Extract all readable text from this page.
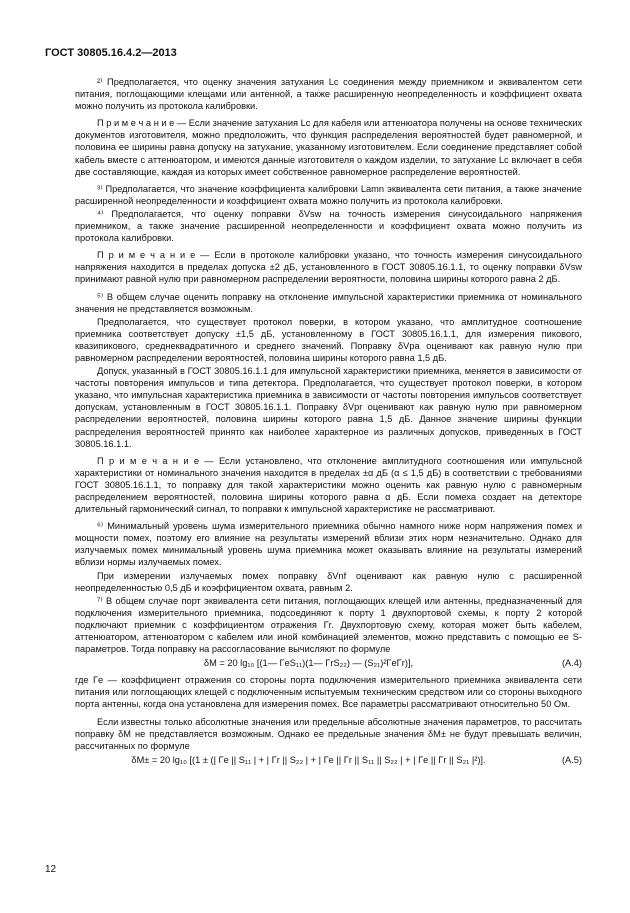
ГОСТ 30805.16.4.2—2013

²⁾ Предполагается, что оценку значения затухания Lc соединения между приемником и эквивалентом сети питания, поглощающими клещами или антенной, а также расширенную неопределенность и коэффициент охвата можно получить из протокола калибровки.

П р и м е ч а н и е — Если значение затухания Lc для кабеля или аттенюатора получены на основе технических документов изготовителя, можно предположить, что функция распределения вероятностей будет равномерной, и половина ее ширины равна допуску на затухание, указанному изготовителем. Если соединение представляет собой кабель вместе с аттенюатором, и имеются данные изготовителя о каждом изделии, то затухание Lc включает в себя две составляющие, каждая из которых имеет собственное равномерное распределение вероятностей.

³⁾ Предполагается, что значение коэффициента калибровки Lamn эквивалента сети питания, а также значение расширенной неопределенности и коэффициент охвата можно получить из протокола калибровки.

⁴⁾ Предполагается, что оценку поправки δVsw на точность измерения синусоидального напряжения приемником, а также значение расширенной неопределенности и коэффициент охвата можно получить из протокола калибровки.

П р и м е ч а н и е — Если в протоколе калибровки указано, что точность измерения синусоидального напряжения находится в пределах допуска ±2 дБ, установленного в ГОСТ 30805.16.1.1, то оценку поправки δVsw принимают равной нулю при равномерном распределении вероятности, половина ширины которого равна 2 дБ.

⁵⁾ В общем случае оценить поправку на отклонение импульсной характеристики приемника от номинального значения не представляется возможным.

Предполагается, что существует протокол поверки, в котором указано, что амплитудное соотношение приемника соответствует допуску ±1,5 дБ, установленному в ГОСТ 30805.16.1.1, для измерения пикового, квазипикового, среднеквадратичного и среднего значений. Поправку δVpa оценивают как равную нулю при равномерном распределении вероятностей, половина ширины которого равна 1,5 дБ.

Допуск, указанный в ГОСТ 30805.16.1.1 для импульсной характеристики приемника, меняется в зависимости от частоты повторения импульсов и типа детектора. Предполагается, что существует протокол поверки, в котором указано, что импульсная характеристика приемника в зависимости от частоты повторения импульсов соответствует допускам, установленным в ГОСТ 30805.16.1.1. Поправку δVpr оценивают как равную нулю при равномерном распределении вероятностей, половина ширины которого равна 1,5 дБ. Данное значение ширины функции распределения вероятностей принято как наиболее характерное из различных допусков, приведенных в ГОСТ 30805.16.1.1.

П р и м е ч а н и е — Если установлено, что отклонение амплитудного соотношения или импульсной характеристики от номинального значения находится в пределах ±α дБ (α ≤ 1,5 дБ) в соответствии с требованиями ГОСТ 30805.16.1.1, то поправку для такой характеристики можно оценить как равную нулю с равномерным распределением вероятностей, половина ширины которого равна α дБ. Если помеха создает на детекторе длительный гармонический сигнал, то поправки к импульсной характеристике не рассматривают.

⁶⁾ Минимальный уровень шума измерительного приемника обычно намного ниже норм напряжения помех и мощности помех, поэтому его влияние на результаты измерений вблизи этих норм незначительно. Однако для излучаемых помех минимальный уровень шума приемника может оказывать влияние на результаты измерений вблизи нормы излучаемых помех.

При измерении излучаемых помех поправку δVnf оценивают как равную нулю с расширенной неопределенностью 0,5 дБ и коэффициентом охвата, равным 2.

⁷⁾ В общем случае порт эквивалента сети питания, поглощающих клещей или антенны, предназначенный для подключения измерительного приемника, подсоединяют к порту 1 двухпортовой схемы, к порту 2 которой подключают приемник с коэффициентом отражения Γr. Двухпортовую схему, которая может быть кабелем, аттенюатором, аттенюатором с кабелем или иной комбинацией элементов, можно представить с помощью ее S-параметров. Тогда поправку на рассогласование вычисляют по формуле

δM = 20 lg₁₀ [(1— ΓeS₁₁)(1— ΓrS₂₂) — (S₂₁)²ΓeΓr)],	(A.4)

где Γe — коэффициент отражения со стороны порта подключения измерительного приемника эквивалента сети питания или поглощающих клещей с подключенным испытуемым техническим средством или со стороны выходного порта антенны, когда она установлена для измерения помех. Все параметры рассматривают относительно 50 Ом.

Если известны только абсолютные значения или предельные абсолютные значения параметров, то рассчитать поправку δM не представляется возможным. Однако ее предельные значения δM± не будут превышать величин, рассчитанных по формуле

δM± = 20 lg₁₀ [(1 ± (| Γe || S₁₁ | + | Γr || S₂₂ | + | Γe || Γr || S₁₁ || S₂₂ | + | Γe || Γr || S₂₁ |²)].	(A.5)
12
